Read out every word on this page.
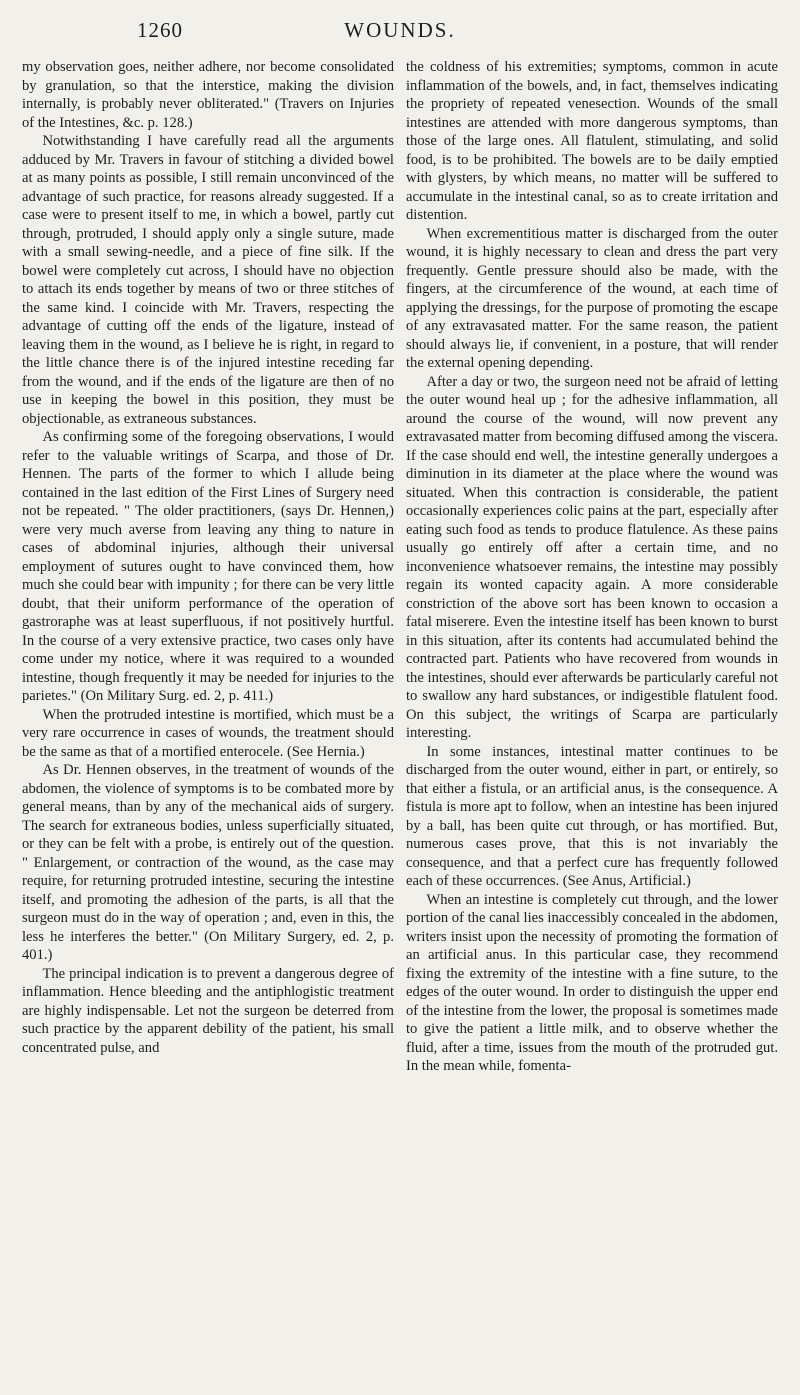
1260	WOUNDS.

my observation goes, neither adhere, nor become consolidated by granulation, so that the interstice, making the division internally, is probably never obliterated." (Travers on Injuries of the Intestines, &c. p. 128.)

Notwithstanding I have carefully read all the arguments adduced by Mr. Travers in favour of stitching a divided bowel at as many points as possible, I still remain unconvinced of the advantage of such practice, for reasons already suggested. If a case were to present itself to me, in which a bowel, partly cut through, protruded, I should apply only a single suture, made with a small sewing-needle, and a piece of fine silk. If the bowel were completely cut across, I should have no objection to attach its ends together by means of two or three stitches of the same kind. I coincide with Mr. Travers, respecting the advantage of cutting off the ends of the ligature, instead of leaving them in the wound, as I believe he is right, in regard to the little chance there is of the injured intestine receding far from the wound, and if the ends of the ligature are then of no use in keeping the bowel in this position, they must be objectionable, as extraneous substances.

As confirming some of the foregoing observations, I would refer to the valuable writings of Scarpa, and those of Dr. Hennen. The parts of the former to which I allude being contained in the last edition of the First Lines of Surgery need not be repeated. " The older practitioners, (says Dr. Hennen,) were very much averse from leaving any thing to nature in cases of abdominal injuries, although their universal employment of sutures ought to have convinced them, how much she could bear with impunity ; for there can be very little doubt, that their uniform performance of the operation of gastroraphe was at least superfluous, if not positively hurtful. In the course of a very extensive practice, two cases only have come under my notice, where it was required to a wounded intestine, though frequently it may be needed for injuries to the parietes." (On Military Surg. ed. 2, p. 411.)

When the protruded intestine is mortified, which must be a very rare occurrence in cases of wounds, the treatment should be the same as that of a mortified enterocele. (See Hernia.)

As Dr. Hennen observes, in the treatment of wounds of the abdomen, the violence of symptoms is to be combated more by general means, than by any of the mechanical aids of surgery. The search for extraneous bodies, unless superficially situated, or they can be felt with a probe, is entirely out of the question. " Enlargement, or contraction of the wound, as the case may require, for returning protruded intestine, securing the intestine itself, and promoting the adhesion of the parts, is all that the surgeon must do in the way of operation ; and, even in this, the less he interferes the better." (On Military Surgery, ed. 2, p. 401.)

The principal indication is to prevent a dangerous degree of inflammation. Hence bleeding and the antiphlogistic treatment are highly indispensable. Let not the surgeon be deterred from such practice by the apparent debility of the patient, his small concentrated pulse, and

the coldness of his extremities; symptoms, common in acute inflammation of the bowels, and, in fact, themselves indicating the propriety of repeated venesection. Wounds of the small intestines are attended with more dangerous symptoms, than those of the large ones. All flatulent, stimulating, and solid food, is to be prohibited. The bowels are to be daily emptied with glysters, by which means, no matter will be suffered to accumulate in the intestinal canal, so as to create irritation and distention.

When excrementitious matter is discharged from the outer wound, it is highly necessary to clean and dress the part very frequently. Gentle pressure should also be made, with the fingers, at the circumference of the wound, at each time of applying the dressings, for the purpose of promoting the escape of any extravasated matter. For the same reason, the patient should always lie, if convenient, in a posture, that will render the external opening depending.

After a day or two, the surgeon need not be afraid of letting the outer wound heal up ; for the adhesive inflammation, all around the course of the wound, will now prevent any extravasated matter from becoming diffused among the viscera. If the case should end well, the intestine generally undergoes a diminution in its diameter at the place where the wound was situated. When this contraction is considerable, the patient occasionally experiences colic pains at the part, especially after eating such food as tends to produce flatulence. As these pains usually go entirely off after a certain time, and no inconvenience whatsoever remains, the intestine may possibly regain its wonted capacity again. A more considerable constriction of the above sort has been known to occasion a fatal miserere. Even the intestine itself has been known to burst in this situation, after its contents had accumulated behind the contracted part. Patients who have recovered from wounds in the intestines, should ever afterwards be particularly careful not to swallow any hard substances, or indigestible flatulent food. On this subject, the writings of Scarpa are particularly interesting.

In some instances, intestinal matter continues to be discharged from the outer wound, either in part, or entirely, so that either a fistula, or an artificial anus, is the consequence. A fistula is more apt to follow, when an intestine has been injured by a ball, has been quite cut through, or has mortified. But, numerous cases prove, that this is not invariably the consequence, and that a perfect cure has frequently followed each of these occurrences. (See Anus, Artificial.)

When an intestine is completely cut through, and the lower portion of the canal lies inaccessibly concealed in the abdomen, writers insist upon the necessity of promoting the formation of an artificial anus. In this particular case, they recommend fixing the extremity of the intestine with a fine suture, to the edges of the outer wound. In order to distinguish the upper end of the intestine from the lower, the proposal is sometimes made to give the patient a little milk, and to observe whether the fluid, after a time, issues from the mouth of the protruded gut. In the mean while, fomenta-
